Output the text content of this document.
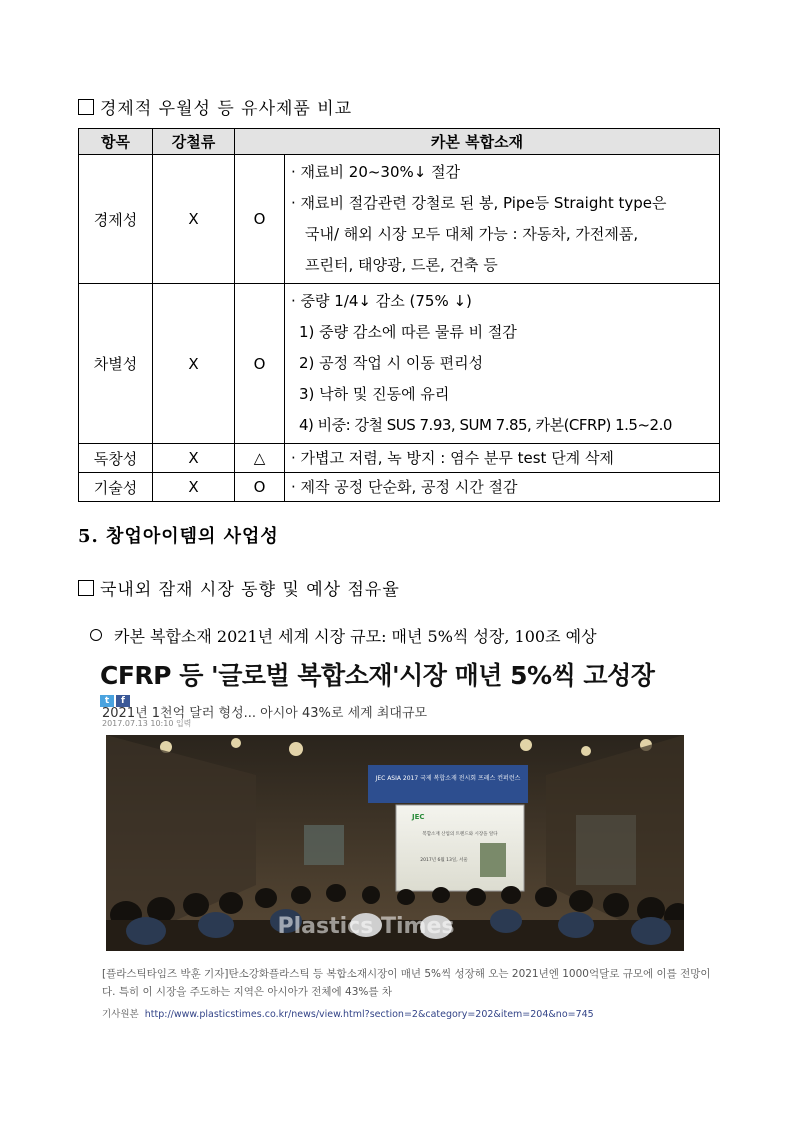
경제적 우월성 등 유사제품 비교
항목	강철류	카본 복합소재	
경제성	X	O	· 재료비 20~30%↓ 절감
· 재료비 절감관련 강철로 된 봉, Pipe등 Straight type은
국내/ 해외 시장 모두 대체 가능 : 자동차, 가전제품,
프린터, 태양광, 드론, 건축 등

차별성	X	O	· 중량 1/4↓ 감소 (75% ↓)
1) 중량 감소에 따른 물류 비 절감
2) 공정 작업 시 이동 편리성
3) 낙하 및 진동에 유리
4) 비중: 강철 SUS 7.93, SUM 7.85, 카본(CFRP) 1.5~2.0

독창성	X	△	· 가볍고 저렴, 녹 방지 : 염수 분무 test 단계 삭제

기술성	X	O	· 제작 공정 단순화, 공정 시간 절감
5. 창업아이템의 사업성
국내외 잠재 시장 동향 및 예상 점유율
카본 복합소재 2021년 세계 시장 규모: 매년 5%씩 성장, 100조 예상
CFRP 등 '글로벌 복합소재'시장 매년 5%씩 고성장
t f
2021년 1천억 달러 형성... 아시아 43%로 세계 최대규모
2017.07.13 10:10 입력
JEC ASIA 2017 국제 복합소재 전시회 프레스 컨퍼런스
JEC
복합소재 산업의 트렌드와 시장을 알다
2017년 6월 13일, 서울
Plastics Times
[플라스틱타임즈 박훈 기자]탄소강화플라스틱 등 복합소재시장이 매년 5%씩 성장해 오는 2021년엔 1000억달로 규모에 이를 전망이다. 특히 이 시장을 주도하는 지역은 아시아가 전체에 43%를 차
기사원본 http://www.plasticstimes.co.kr/news/view.html?section=2&category=202&item=204&no=745
